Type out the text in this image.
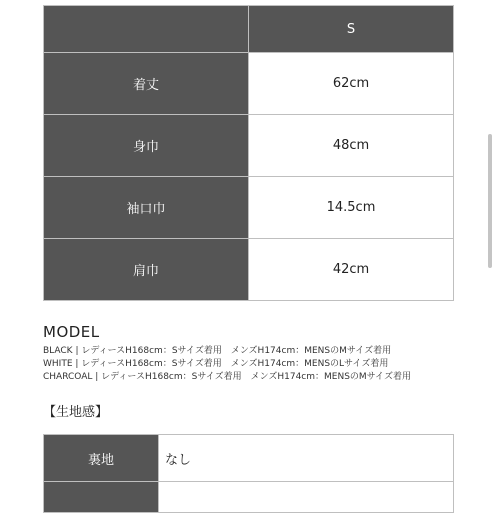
	S
着丈	62cm
身巾	48cm
袖口巾	14.5cm
肩巾	42cm
MODEL
BLACK | レディースH168cm：Sサイズ着用　メンズH174cm：MENSのMサイズ着用
WHITE | レディースH168cm：Sサイズ着用　メンズH174cm：MENSのLサイズ着用
CHARCOAL | レディースH168cm：Sサイズ着用　メンズH174cm：MENSのMサイズ着用
【生地感】
裏地	なし
